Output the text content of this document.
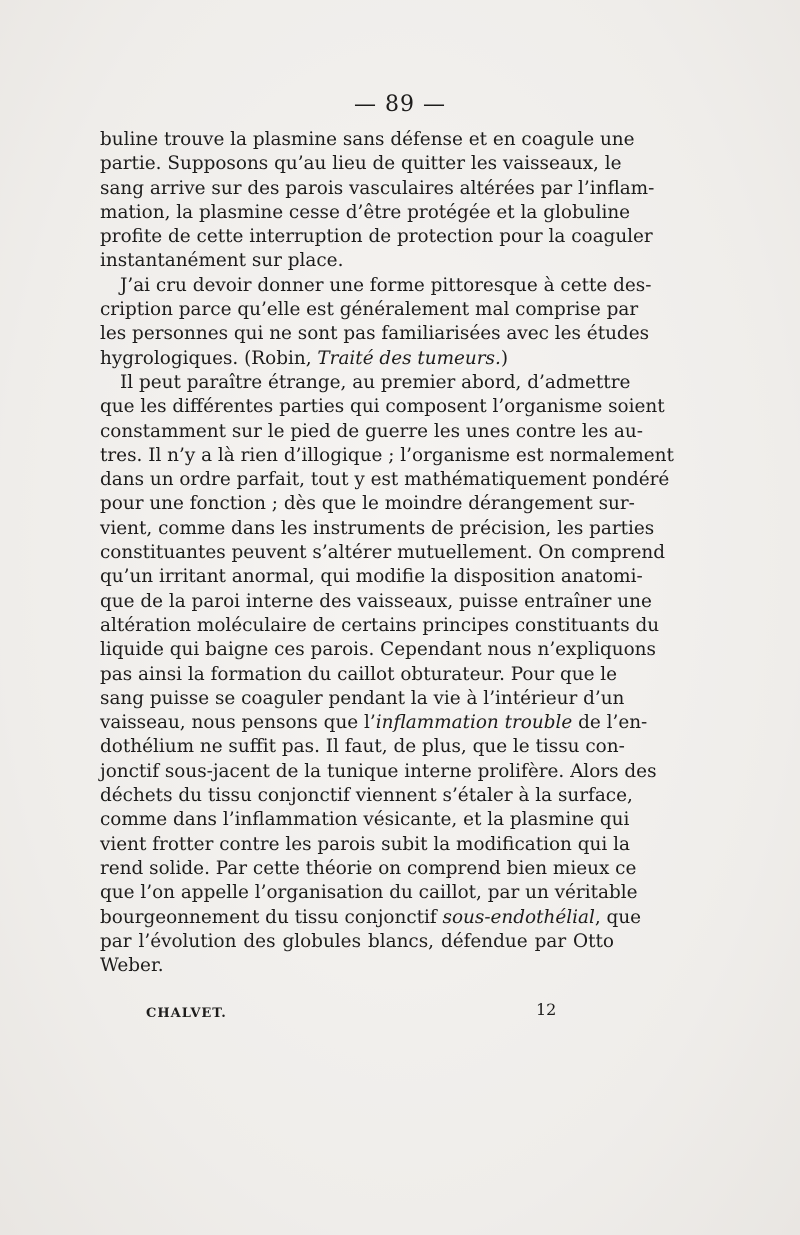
— 89 —
buline trouve la plasmine sans défense et en coagule une
partie. Supposons qu’au lieu de quitter les vaisseaux, le
sang arrive sur des parois vasculaires altérées par l’inflam-
mation, la plasmine cesse d’être protégée et la globuline
profite de cette interruption de protection pour la coaguler
instantanément sur place.
J’ai cru devoir donner une forme pittoresque à cette des-
cription parce qu’elle est généralement mal comprise par
les personnes qui ne sont pas familiarisées avec les études
hygrologiques. (Robin, Traité des tumeurs.)
Il peut paraître étrange, au premier abord, d’admettre
que les différentes parties qui composent l’organisme soient
constamment sur le pied de guerre les unes contre les au-
tres. Il n’y a là rien d’illogique ; l’organisme est normalement
dans un ordre parfait, tout y est mathématiquement pondéré
pour une fonction ; dès que le moindre dérangement sur-
vient, comme dans les instruments de précision, les parties
constituantes peuvent s’altérer mutuellement. On comprend
qu’un irritant anormal, qui modifie la disposition anatomi-
que de la paroi interne des vaisseaux, puisse entraîner une
altération moléculaire de certains principes constituants du
liquide qui baigne ces parois. Cependant nous n’expliquons
pas ainsi la formation du caillot obturateur. Pour que le
sang puisse se coaguler pendant la vie à l’intérieur d’un
vaisseau, nous pensons que l’inflammation trouble de l’en-
dothélium ne suffit pas. Il faut, de plus, que le tissu con-
jonctif sous-jacent de la tunique interne prolifère. Alors des
déchets du tissu conjonctif viennent s’étaler à la surface,
comme dans l’inflammation vésicante, et la plasmine qui
vient frotter contre les parois subit la modification qui la
rend solide. Par cette théorie on comprend bien mieux ce
que l’on appelle l’organisation du caillot, par un véritable
bourgeonnement du tissu conjonctif sous-endothélial, que
par l’évolution des globules blancs, défendue par Otto
Weber.
CHALVET.	12
